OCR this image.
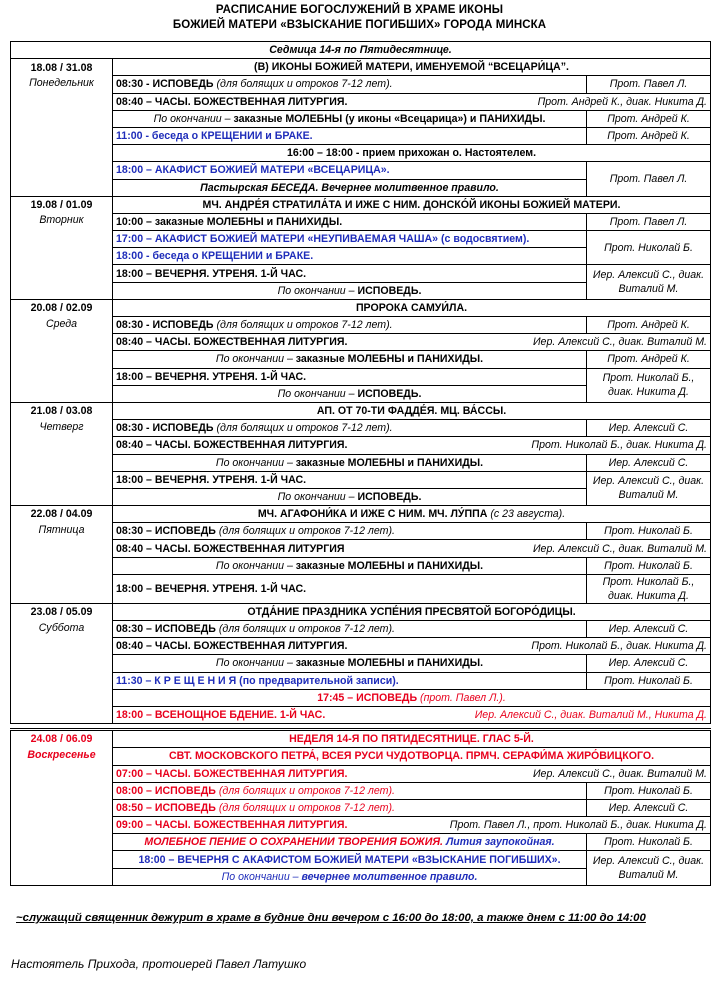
РАСПИСАНИЕ БОГОСЛУЖЕНИЙ В ХРАМЕ ИКОНЫ
БОЖИЕЙ МАТЕРИ «ВЗЫСКАНИЕ ПОГИБШИХ» ГОРОДА МИНСКА
Седмица 14-я по Пятидесятнице.		
18.08 / 31.08	(В) ИКОНЫ БОЖИЕЙ МАТЕРИ, ИМЕНУЕМОЙ “ВСЕЦАРИ́ЦА”.	
Понедельник	08:30 - ИСПОВЕДЬ (для болящих и отроков 7-12 лет).	Прот. Павел Л.
	08:40 – ЧАСЫ. БОЖЕСТВЕННАЯ ЛИТУРГИЯ. Прот. Андрей К., диак. Никита Д.	

	По окончании – заказные МОЛЕБНЫ (у иконы «Всецарица») и ПАНИХИДЫ.	Прот. Андрей К.
	11:00 - беседа о КРЕЩЕНИИ и БРАКЕ.	Прот. Андрей К.
	16:00 – 18:00 - прием прихожан о. Настоятелем.	
	18:00 – АКАФИСТ БОЖИЕЙ МАТЕРИ «ВСЕЦАРИЦА».	Прот. Павел Л.
	Пастырская БЕСЕДА. Вечернее молитвенное правило.	
19.08 / 01.09	МЧ. АНДРЕ́Я СТРАТИЛА́ТА И ИЖЕ С НИМ. ДОНСКО́Й ИКОНЫ БОЖИЕЙ МАТЕРИ.	
Вторник	10:00 – заказные МОЛЕБНЫ и ПАНИХИДЫ.	Прот. Павел Л.
	17:00 – АКАФИСТ БОЖИЕЙ МАТЕРИ «НЕУПИВАЕМАЯ ЧАША» (с водосвятием).	Прот. Николай Б.
	18:00 - беседа о КРЕЩЕНИИ и БРАКЕ.	
	18:00 – ВЕЧЕРНЯ. УТРЕНЯ. 1-Й ЧАС.	Иер. Алексий С., диак. Виталий М.
	По окончании – ИСПОВЕДЬ.	
20.08 / 02.09	ПРОРОКА САМУИ́ЛА.	
Среда	08:30 - ИСПОВЕДЬ (для болящих и отроков 7-12 лет).	Прот. Андрей К.
	08:40 – ЧАСЫ. БОЖЕСТВЕННАЯ ЛИТУРГИЯ. Иер. Алексий С., диак. Виталий М.	

	По окончании – заказные МОЛЕБНЫ и ПАНИХИДЫ.	Прот. Андрей К.
	18:00 – ВЕЧЕРНЯ. УТРЕНЯ. 1-Й ЧАС.	Прот. Николай Б., диак. Никита Д.
	По окончании – ИСПОВЕДЬ.	
21.08 / 03.08	АП. ОТ 70-ТИ ФАДДЕ́Я. МЦ. ВА́ССЫ.	
Четверг	08:30 - ИСПОВЕДЬ (для болящих и отроков 7-12 лет).	Иер. Алексий С.
	08:40 – ЧАСЫ. БОЖЕСТВЕННАЯ ЛИТУРГИЯ. Прот. Николай Б., диак. Никита Д.	

	По окончании – заказные МОЛЕБНЫ и ПАНИХИДЫ.	Иер. Алексий С.
	18:00 – ВЕЧЕРНЯ. УТРЕНЯ. 1-Й ЧАС.	Иер. Алексий С., диак. Виталий М.
	По окончании – ИСПОВЕДЬ.	
22.08 / 04.09	МЧ. АГАФОНИ́КА И ИЖЕ С НИМ. МЧ. ЛУ́ППА (с 23 августа).	
Пятница	08:30 – ИСПОВЕДЬ (для болящих и отроков 7-12 лет).	Прот. Николай Б.
	08:40 – ЧАСЫ. БОЖЕСТВЕННАЯ ЛИТУРГИЯ Иер. Алексий С., диак. Виталий М.	

	По окончании – заказные МОЛЕБНЫ и ПАНИХИДЫ.	Прот. Николай Б.
	18:00 – ВЕЧЕРНЯ. УТРЕНЯ. 1-Й ЧАС.	Прот. Николай Б., диак. Никита Д.
23.08 / 05.09	ОТДА́НИЕ ПРАЗДНИКА УСПЕ́НИЯ ПРЕСВЯТОЙ БОГОРО́ДИЦЫ.	
Суббота	08:30 – ИСПОВЕДЬ (для болящих и отроков 7-12 лет).	Иер. Алексий С.
	08:40 – ЧАСЫ. БОЖЕСТВЕННАЯ ЛИТУРГИЯ. Прот. Николай Б., диак. Никита Д.	

	По окончании – заказные МОЛЕБНЫ и ПАНИХИДЫ.	Иер. Алексий С.
	11:30 – К Р Е Щ Е Н И Я (по предварительной записи).	Прот. Николай Б.
	17:45 – ИСПОВЕДЬ (прот. Павел Л.).	
	18:00 – ВСЕНОЩНОЕ БДЕНИЕ. 1-Й ЧАС. Иер. Алексий С., диак. Виталий М., Никита Д.	

24.08 / 06.09	НЕДЕЛЯ 14-Я ПО ПЯТИДЕСЯТНИЦЕ. ГЛАС 5-Й.	
Воскресенье	СВТ. МОСКОВСКОГО ПЕТРА́, ВСЕЯ РУСИ ЧУДОТВОРЦА. ПРМЧ. СЕРАФИ́МА ЖИРО́ВИЦКОГО.	
	07:00 – ЧАСЫ. БОЖЕСТВЕННАЯ ЛИТУРГИЯ. Иер. Алексий С., диак. Виталий М.	

	08:00 – ИСПОВЕДЬ (для болящих и отроков 7-12 лет).	Прот. Николай Б.
	08:50 – ИСПОВЕДЬ (для болящих и отроков 7-12 лет).	Иер. Алексий С.
	09:00 – ЧАСЫ. БОЖЕСТВЕННАЯ ЛИТУРГИЯ. Прот. Павел Л., прот. Николай Б., диак. Никита Д.	

	МОЛЕБНОЕ ПЕНИЕ О СОХРАНЕНИИ ТВОРЕНИЯ БОЖИЯ. Лития заупокойная.	Прот. Николай Б.
	18:00 – ВЕЧЕРНЯ С АКАФИСТОМ БОЖИЕЙ МАТЕРИ «ВЗЫСКАНИЕ ПОГИБШИХ».	Иер. Алексий С., диак. Виталий М.
	По окончании – вечернее молитвенное правило.	
~служащий священник дежурит в храме в будние дни вечером с 16:00 до 18:00, а также днем с 11:00 до 14:00
Настоятель Прихода, протоиерей Павел Латушко
